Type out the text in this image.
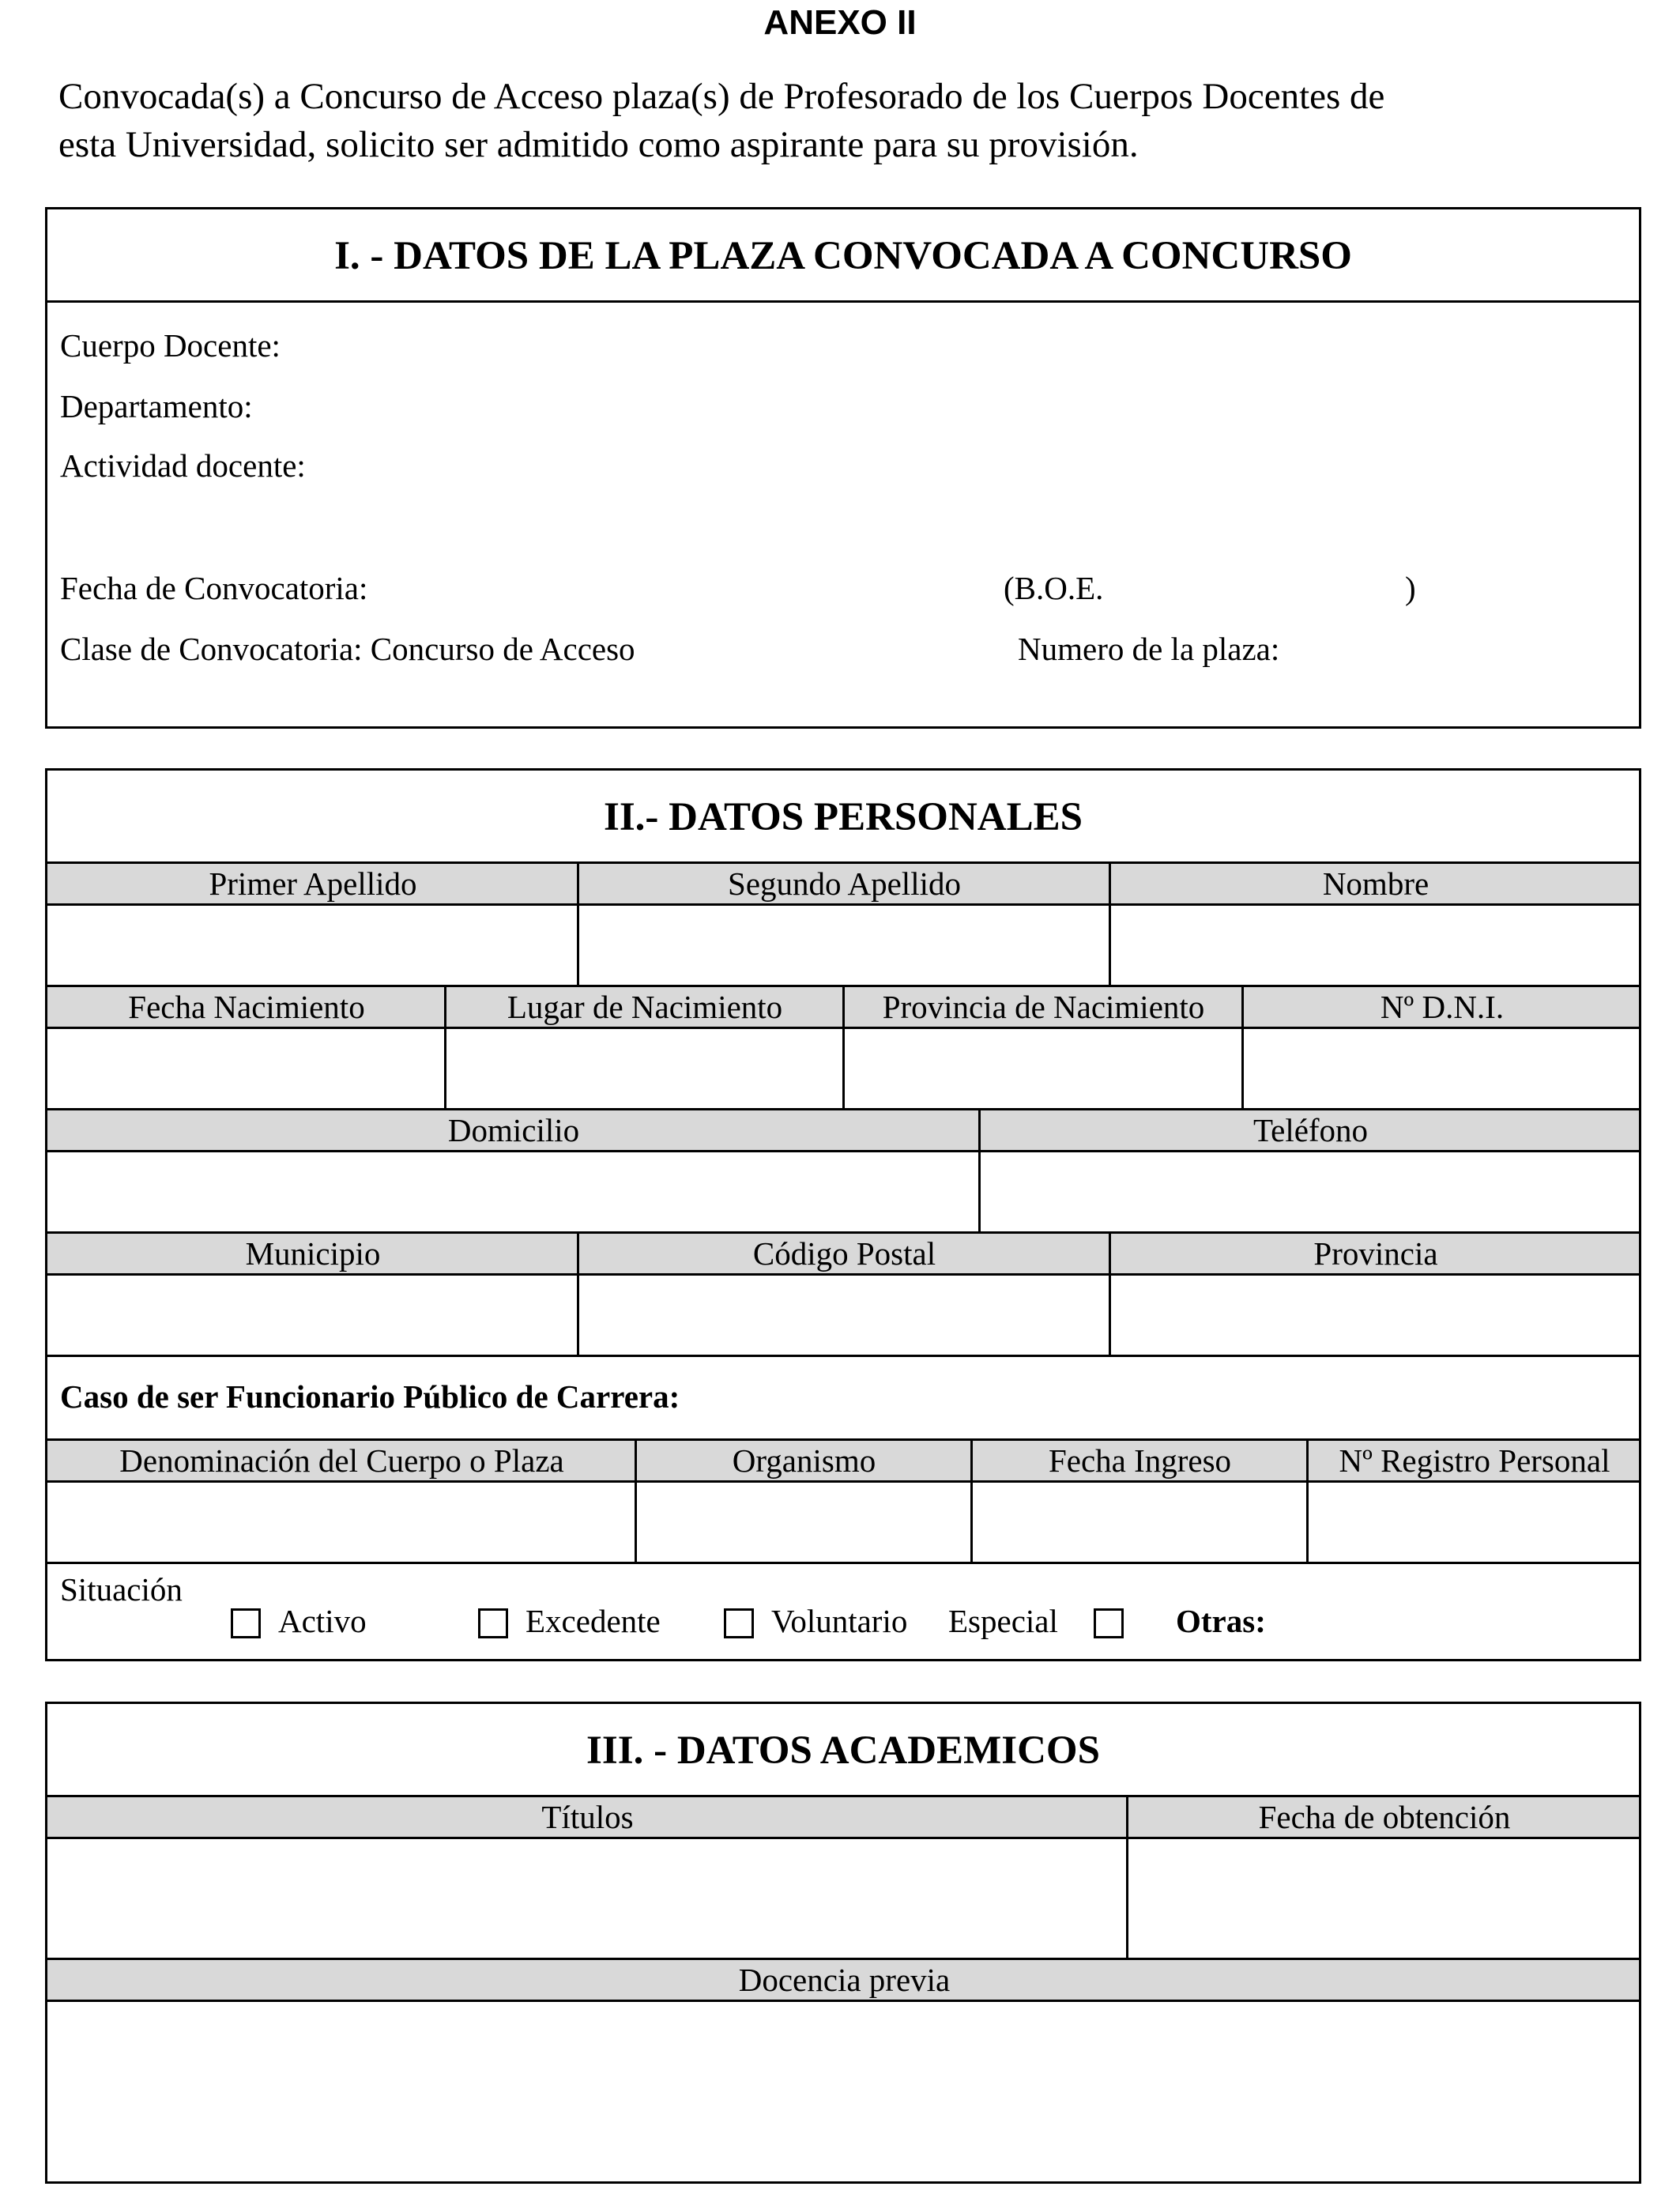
ANEXO II
Convocada(s) a Concurso de Acceso plaza(s) de Profesorado de los Cuerpos Docentes de
esta Universidad, solicito ser admitido como aspirante para su provisión.
I. - DATOS DE LA PLAZA CONVOCADA A CONCURSO
Cuerpo Docente:
Departamento:
Actividad docente:
Fecha de Convocatoria:	(B.O.E.	)
Clase de Convocatoria: Concurso de Acceso	Numero de la plaza:
II.- DATOS PERSONALES
Primer Apellido	Segundo Apellido	Nombre
Fecha Nacimiento	Lugar de Nacimiento	Provincia de Nacimiento	Nº D.N.I.
Domicilio	Teléfono
Municipio	Código Postal	Provincia
Caso de ser Funcionario Público de Carrera:
Denominación del Cuerpo o Plaza	Organismo	Fecha Ingreso	Nº Registro Personal
Situación
Activo	Excedente	Voluntario Especial	Otras:
III. - DATOS ACADEMICOS
Títulos	Fecha de obtención
Docencia previa
